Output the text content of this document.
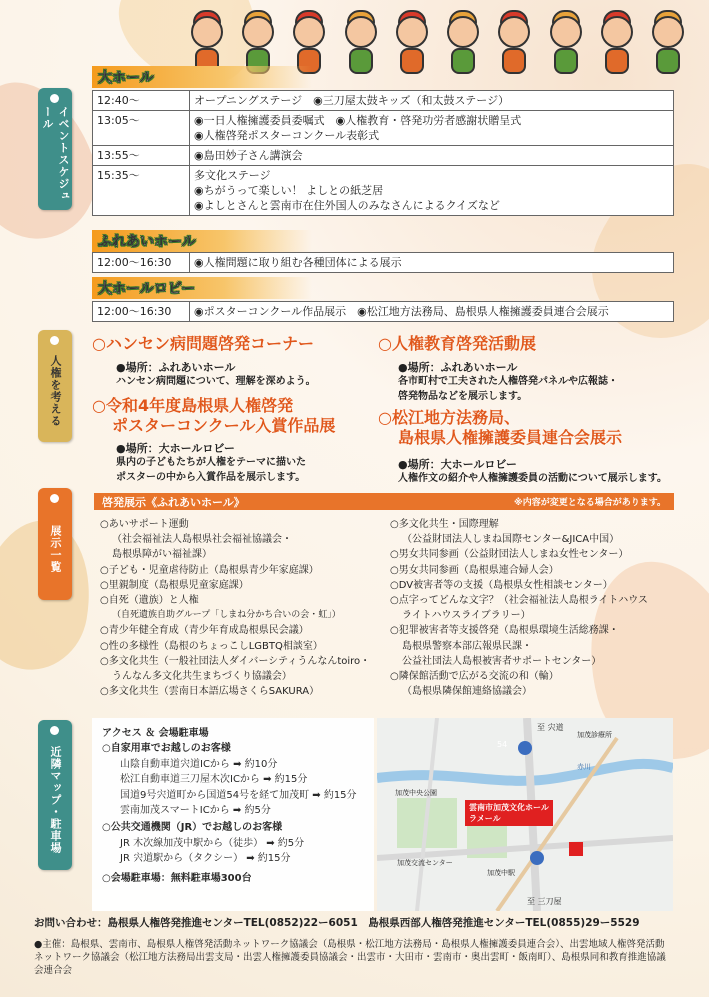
イベントスケジュール
人権を考える
展示一覧
近隣マップ・駐車場
大ホール
12:40～	オープニングステージ　◉三刀屋太鼓キッズ（和太鼓ステージ）

13:05～	◉一日人権擁護委員委嘱式　◉人権教育・啓発功労者感謝状贈呈式
◉人権啓発ポスターコンクール表彰式

13:55～	◉島田妙子さん講演会

15:35～	多文化ステージ
◉ちがうって楽しい！ よしとの紙芝居
◉よしとさんと雲南市在住外国人のみなさんによるクイズなど
ふれあいホール
12:00～16:30	◉人権問題に取り組む各種団体による展示
大ホールロビー
12:00～16:30	◉ポスターコンクール作品展示　◉松江地方法務局、島根県人権擁護委員連合会展示
○ハンセン病問題啓発コーナー
●場所：ふれあいホール
ハンセン病問題について、理解を深めよう。
○令和4年度島根県人権啓発
ポスターコンクール入賞作品展
●場所：大ホールロビー
県内の子どもたちが人権をテーマに描いた
ポスターの中から入賞作品を展示します。
○人権教育啓発活動展
●場所：ふれあいホール
各市町村で工夫された人権啓発パネルや広報誌・
啓発物品などを展示します。
○松江地方法務局、
島根県人権擁護委員連合会展示
●場所：大ホールロビー
人権作文の紹介や人権擁護委員の活動について展示します。
啓発展示《ふれあいホール》	※内容が変更となる場合があります。
○あいサポート運動
（社会福祉法人島根県社会福祉協議会・
島根県障がい福祉課）
○子ども・児童虐待防止（島根県青少年家庭課）
○里親制度（島根県児童家庭課）
○自死（遺族）と人権
（自死遺族自助グループ「しまね分かち合いの会・虹」）
○青少年健全育成（青少年育成島根県民会議）
○性の多様性（島根のちょっこしLGBTQ相談室）
○多文化共生（一般社団法人ダイバーシティうんなんtoiro・
うんなん多文化共生まちづくり協議会）
○多文化共生（雲南日本語広場さくらSAKURA）
○多文化共生・国際理解
（公益財団法人しまね国際センター&JICA中国）
○男女共同参画（公益財団法人しまね女性センター）
○男女共同参画（島根県連合婦人会）
○DV被害者等の支援（島根県女性相談センター）
○点字ってどんな文字？（社会福祉法人島根ライトハウス
ライトハウスライブラリー）
○犯罪被害者等支援啓発（島根県環境生活総務課・
島根県警察本部広報県民課・
公益社団法人島根被害者サポートセンター）
○隣保館活動で広がる交流の和（輪）
（島根県隣保館連絡協議会）
アクセス ＆ 会場駐車場
○自家用車でお越しのお客様
山陰自動車道宍道ICから ➡ 約10分
松江自動車道三刀屋木次ICから ➡ 約15分
国道9号宍道町から国道54号を経て加茂町 ➡ 約15分
雲南加茂スマートICから ➡ 約5分
○公共交通機関（JR）でお越しのお客様
JR 木次線加茂中駅から（徒歩） ➡ 約5分
JR 宍道駅から（タクシー） ➡ 約15分
○会場駐車場：無料駐車場300台
至 宍道
加茂中央公園
加茂中駅
加茂交流センター
加茂診療所
赤川
54
至 三刀屋
雲南市加茂文化ホール
ラメール
お問い合わせ：島根県人権啓発推進センターTEL(0852)22ー6051　島根県西部人権啓発推進センターTEL(0855)29ー5529
●主催：島根県、雲南市、島根県人権啓発活動ネットワーク協議会（島根県・松江地方法務局・島根県人権擁護委員連合会）、出雲地域人権啓発活動ネットワーク協議会（松江地方法務局出雲支局・出雲人権擁護委員協議会・出雲市・大田市・雲南市・奥出雲町・飯南町）、島根県同和教育推進協議会連合会
